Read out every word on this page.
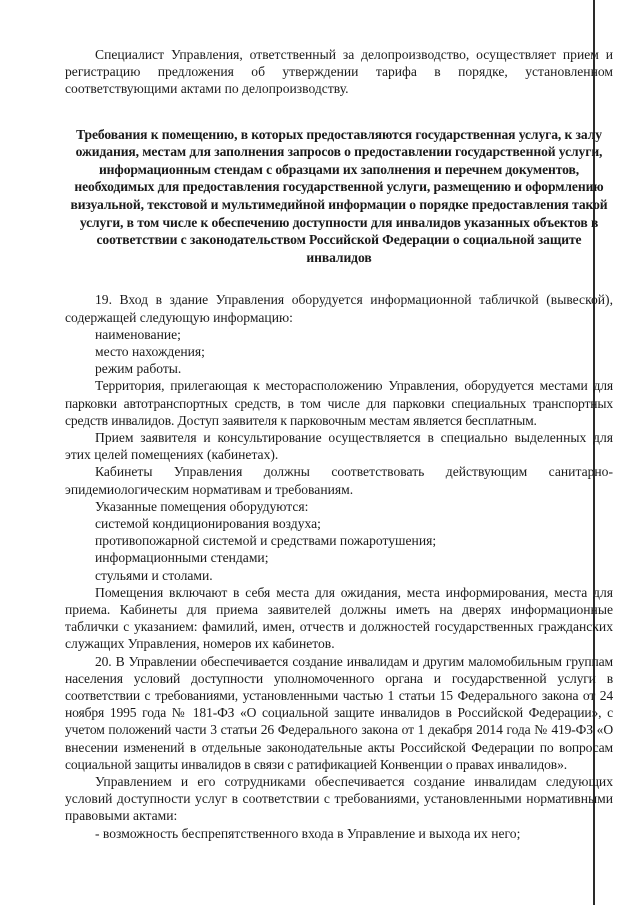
Специалист Управления, ответственный за делопроизводство, осуществляет прием и регистрацию предложения об утверждении тарифа в порядке, установленном соответствующими актами по делопроизводству.

Требования к помещению, в которых предоставляются государственная услуга, к залу ожидания, местам для заполнения запросов о предоставлении государственной услуги, информационным стендам с образцами их заполнения и перечнем документов, необходимых для предоставления государственной услуги, размещению и оформлению визуальной, текстовой и мультимедийной информации о порядке предоставления такой услуги, в том числе к обеспечению доступности для инвалидов указанных объектов в соответствии с законодательством Российской Федерации о социальной защите инвалидов

19. Вход в здание Управления оборудуется информационной табличкой (вывеской), содержащей следующую информацию:

наименование;

место нахождения;

режим работы.

Территория, прилегающая к месторасположению Управления, оборудуется местами для парковки автотранспортных средств, в том числе для парковки специальных транспортных средств инвалидов. Доступ заявителя к парковочным местам является бесплатным.

Прием заявителя и консультирование осуществляется в специально выделенных для этих целей помещениях (кабинетах).

Кабинеты Управления должны соответствовать действующим санитарно-эпидемиологическим нормативам и требованиям.

Указанные помещения оборудуются:

системой кондиционирования воздуха;

противопожарной системой и средствами пожаротушения;

информационными стендами;

стульями и столами.

Помещения включают в себя места для ожидания, места информирования, места для приема. Кабинеты для приема заявителей должны иметь на дверях информационные таблички с указанием: фамилий, имен, отчеств и должностей государственных гражданских служащих Управления, номеров их кабинетов.

20. В Управлении обеспечивается создание инвалидам и другим маломобильным группам населения условий доступности уполномоченного органа и государственной услуги в соответствии с требованиями, установленными частью 1 статьи 15 Федерального закона от 24 ноября 1995 года № 181-ФЗ «О социальной защите инвалидов в Российской Федерации», с учетом положений части 3 статьи 26 Федерального закона от 1 декабря 2014 года № 419-ФЗ «О внесении изменений в отдельные законодательные акты Российской Федерации по вопросам социальной защиты инвалидов в связи с ратификацией Конвенции о правах инвалидов».

Управлением и его сотрудниками обеспечивается создание инвалидам следующих условий доступности услуг в соответствии с требованиями, установленными нормативными правовыми актами:

- возможность беспрепятственного входа в Управление и выхода их него;
